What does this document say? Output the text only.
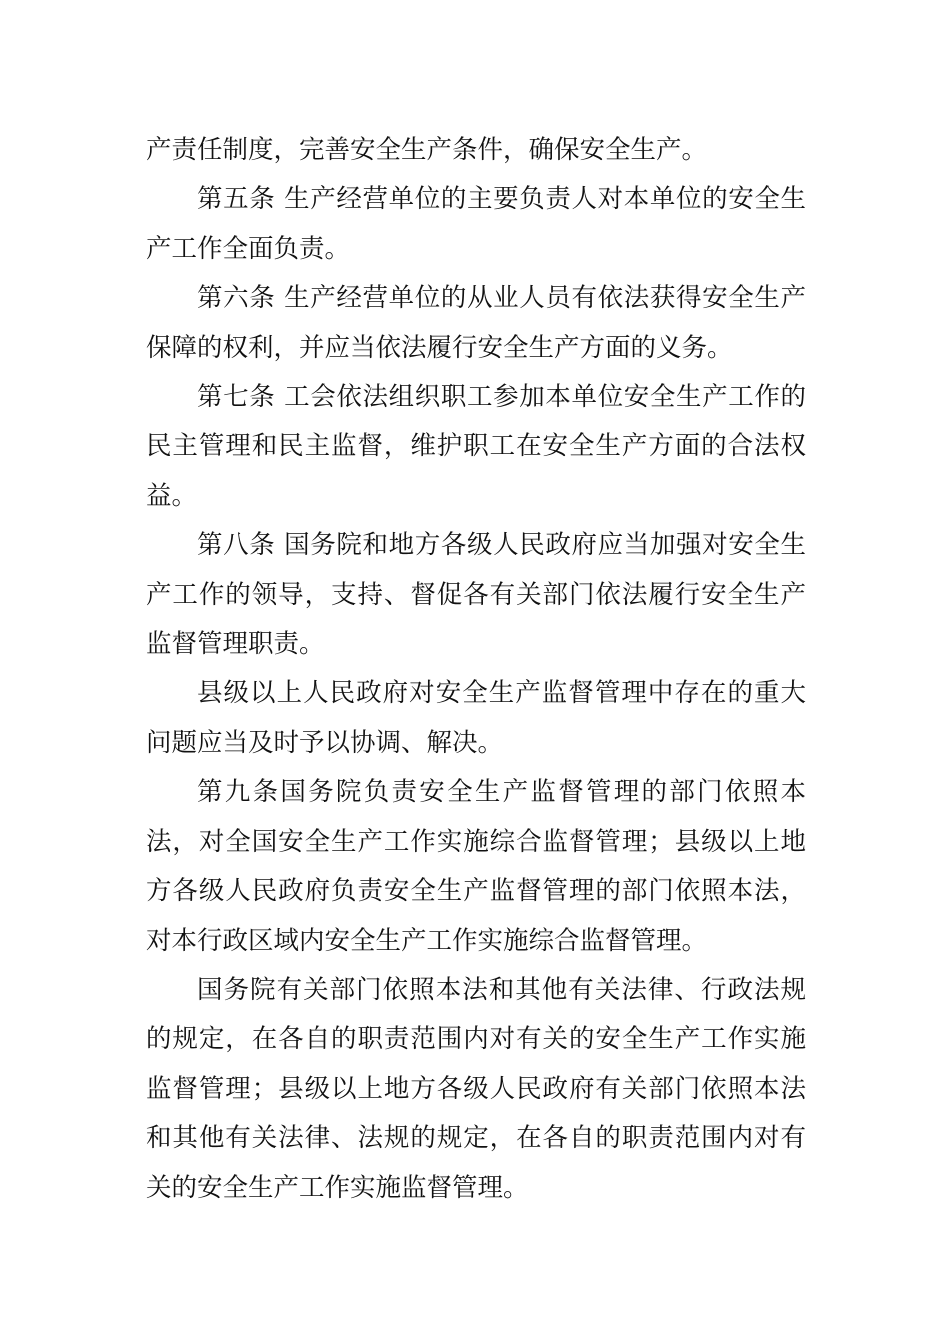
产责任制度，完善安全生产条件，确保安全生产。

第五条 生产经营单位的主要负责人对本单位的安全生产工作全面负责。

第六条 生产经营单位的从业人员有依法获得安全生产保障的权利，并应当依法履行安全生产方面的义务。

第七条 工会依法组织职工参加本单位安全生产工作的民主管理和民主监督，维护职工在安全生产方面的合法权益。

第八条 国务院和地方各级人民政府应当加强对安全生产工作的领导，支持、督促各有关部门依法履行安全生产监督管理职责。

县级以上人民政府对安全生产监督管理中存在的重大问题应当及时予以协调、解决。

第九条国务院负责安全生产监督管理的部门依照本法，对全国安全生产工作实施综合监督管理；县级以上地方各级人民政府负责安全生产监督管理的部门依照本法，对本行政区域内安全生产工作实施综合监督管理。

国务院有关部门依照本法和其他有关法律、行政法规的规定，在各自的职责范围内对有关的安全生产工作实施监督管理；县级以上地方各级人民政府有关部门依照本法和其他有关法律、法规的规定，在各自的职责范围内对有关的安全生产工作实施监督管理。
